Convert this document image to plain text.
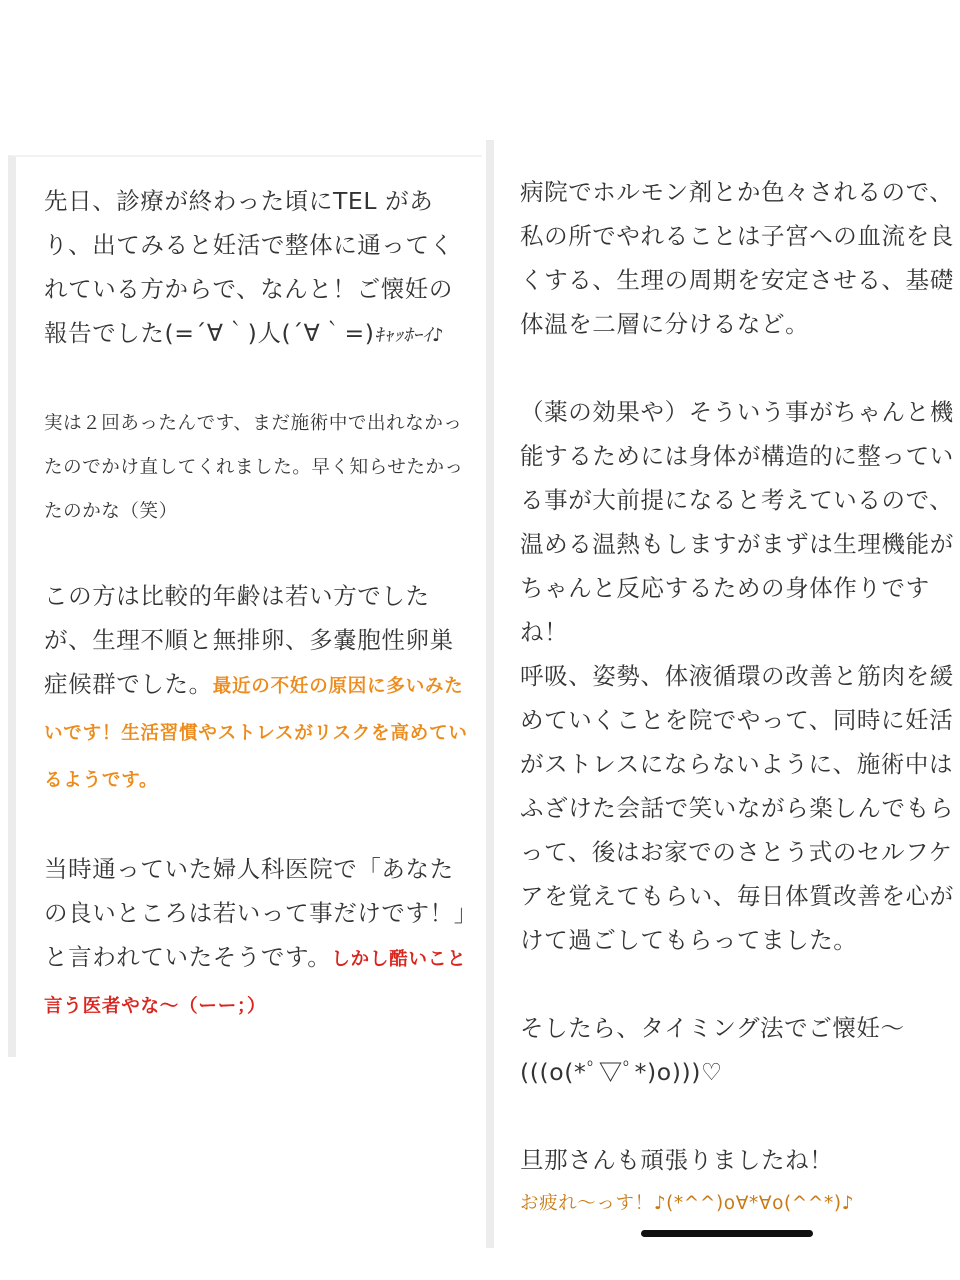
先日、診療が終わった頃にTEL があり、出てみると妊活で整体に通ってくれている方からで、なんと！ご懐妊の報告でした(=´∀｀)人(´∀｀=)ｷｬｯﾎｰｲ♪

実は２回あったんです、まだ施術中で出れなかったのでかけ直してくれました。早く知らせたかったのかな（笑）

この方は比較的年齢は若い方でしたが、生理不順と無排卵、多嚢胞性卵巣症候群でした。最近の不妊の原因に多いみたいです！生活習慣やストレスがリスクを高めているようです。

当時通っていた婦人科医院で「あなたの良いところは若いって事だけです！」と言われていたそうです。しかし酷いこと言う医者やな〜（ーー；）

病院でホルモン剤とか色々されるので、私の所でやれることは子宮への血流を良くする、生理の周期を安定させる、基礎体温を二層に分けるなど。

（薬の効果や）そういう事がちゃんと機能するためには身体が構造的に整っている事が大前提になると考えているので、温める温熱もしますがまずは生理機能がちゃんと反応するための身体作りですね！

呼吸、姿勢、体液循環の改善と筋肉を緩めていくことを院でやって、同時に妊活がストレスにならないように、施術中はふざけた会話で笑いながら楽しんでもらって、後はお家でのさとう式のセルフケアを覚えてもらい、毎日体質改善を心がけて過ごしてもらってました。

そしたら、タイミング法でご懐妊〜(((o(*ﾟ▽ﾟ*)o)))♡

旦那さんも頑張りましたね！

お疲れ〜っす！♪(*^^)o∀*∀o(^^*)♪
